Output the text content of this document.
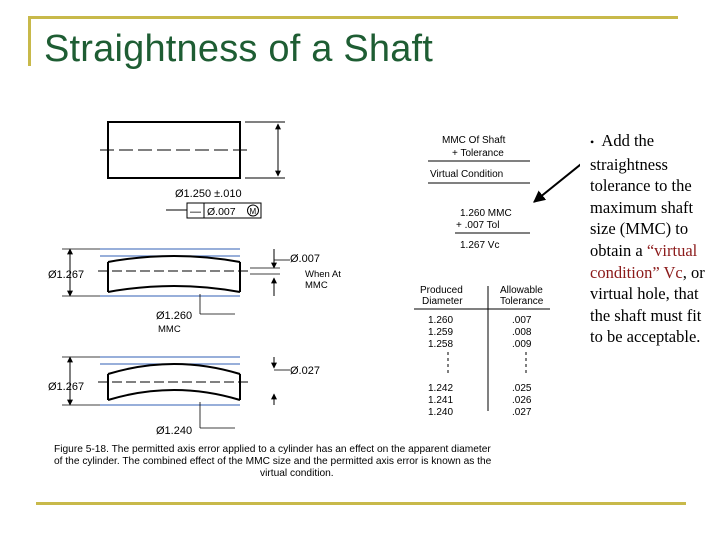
Straightness of a Shaft
Ø1.250 ±.010
— Ø.007 M
MMC Of Shaft
+ Tolerance
Virtual Condition
1.260 MMC
+ .007 Tol
1.267 Vc
Ø1.267
Ø.007
When At
MMC
Ø1.260
MMC
Ø1.267
Ø.027
Ø1.240
Produced
Diameter
Allowable
Tolerance
1.260	.007
1.259	.008
1.258	.009
1.242	.025
1.241	.026
1.240	.027
Figure 5-18. The permitted axis error applied to a cylinder has an effect on the apparent diameter
of the cylinder. The combined effect of the MMC size and the permitted axis error is known as the
virtual condition.
• Add the straightness tolerance to the maximum shaft size (MMC) to obtain a “virtual condition” Vc, or virtual hole, that the shaft must fit to be acceptable.
